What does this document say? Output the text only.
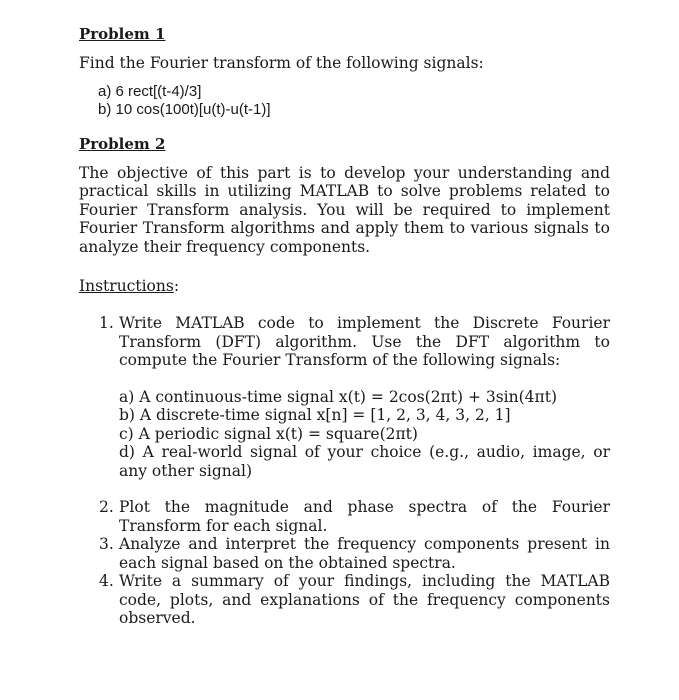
Problem 1
Find the Fourier transform of the following signals:
a) 6 rect[(t-4)/3]
b) 10 cos(100t)[u(t)-u(t-1)]
Problem 2
The objective of this part is to develop your understanding and practical skills in utilizing MATLAB to solve problems related to Fourier Transform analysis. You will be required to implement Fourier Transform algorithms and apply them to various signals to analyze their frequency components.
Instructions:
1. Write MATLAB code to implement the Discrete Fourier Transform (DFT) algorithm. Use the DFT algorithm to compute the Fourier Transform of the following signals:
a) A continuous-time signal x(t) = 2cos(2πt) + 3sin(4πt)
b) A discrete-time signal x[n] = [1, 2, 3, 4, 3, 2, 1]
c) A periodic signal x(t) = square(2πt)
d) A real-world signal of your choice (e.g., audio, image, or any other signal)
2. Plot the magnitude and phase spectra of the Fourier Transform for each signal.
3. Analyze and interpret the frequency components present in each signal based on the obtained spectra.
4. Write a summary of your findings, including the MATLAB code, plots, and explanations of the frequency components observed.
